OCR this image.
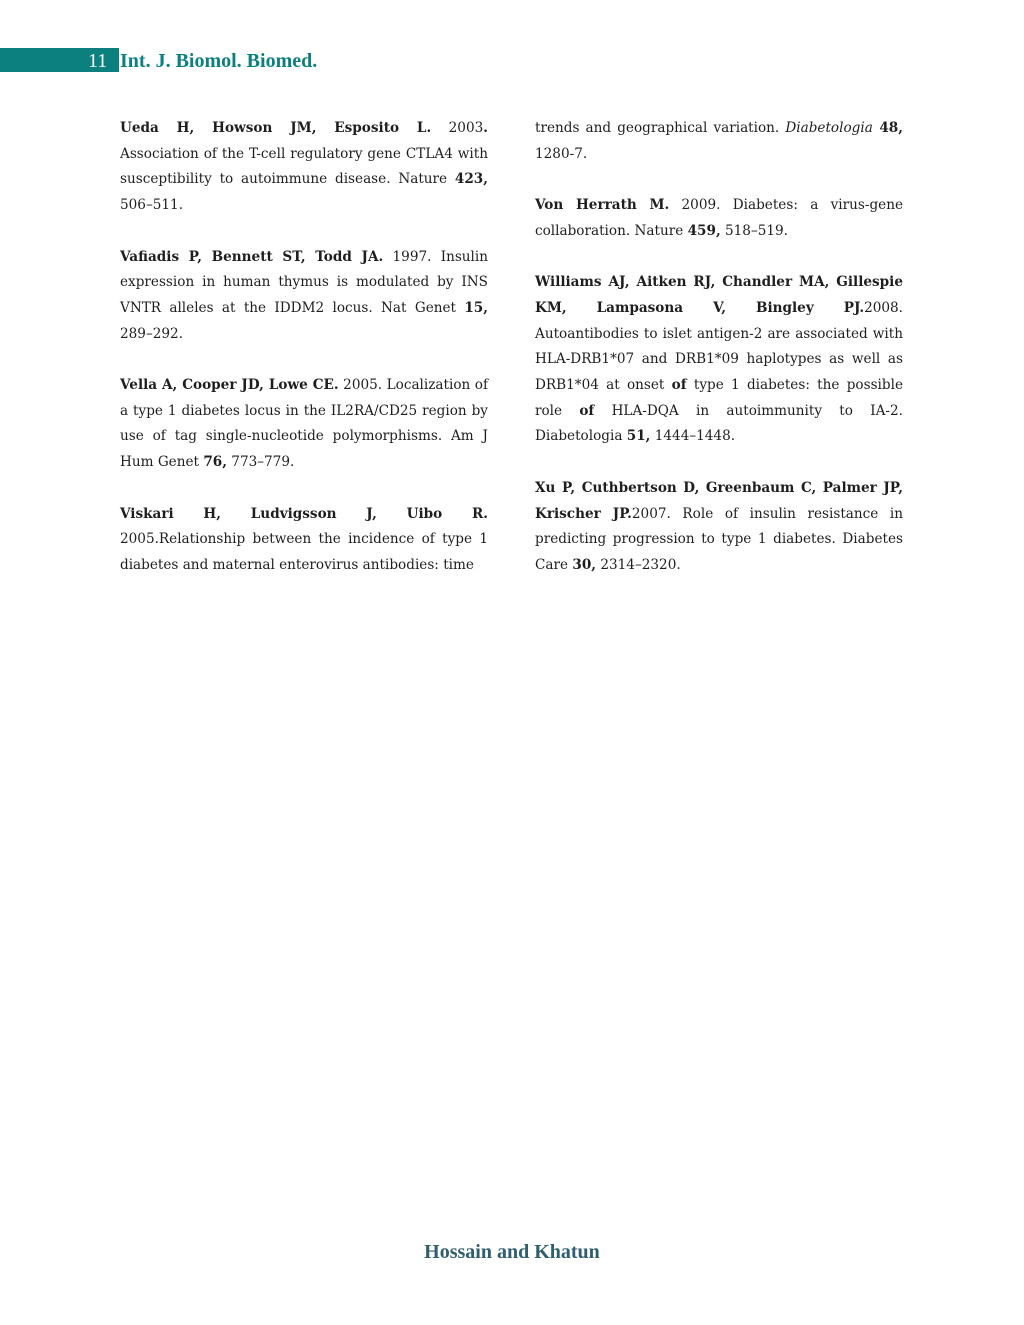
11 Int. J. Biomol. Biomed.

Ueda H, Howson JM, Esposito L. 2003. Association of the T-cell regulatory gene CTLA4 with susceptibility to autoimmune disease. Nature 423, 506–511.

Vafiadis P, Bennett ST, Todd JA. 1997. Insulin expression in human thymus is modulated by INS VNTR alleles at the IDDM2 locus. Nat Genet 15, 289–292.

Vella A, Cooper JD, Lowe CE. 2005. Localization of a type 1 diabetes locus in the IL2RA/CD25 region by use of tag single-nucleotide polymorphisms. Am J Hum Genet 76, 773–779.

Viskari H, Ludvigsson J, Uibo R. 2005.Relationship between the incidence of type 1 diabetes and maternal enterovirus antibodies: time

trends and geographical variation. Diabetologia 48, 1280-7.

Von Herrath M. 2009. Diabetes: a virus-gene collaboration. Nature 459, 518–519.

Williams AJ, Aitken RJ, Chandler MA, Gillespie KM, Lampasona V, Bingley PJ.2008. Autoantibodies to islet antigen-2 are associated with HLA-DRB1*07 and DRB1*09 haplotypes as well as DRB1*04 at onset of type 1 diabetes: the possible role of HLA-DQA in autoimmunity to IA-2. Diabetologia 51, 1444–1448.

Xu P, Cuthbertson D, Greenbaum C, Palmer JP, Krischer JP.2007. Role of insulin resistance in predicting progression to type 1 diabetes. Diabetes Care 30, 2314–2320.

Hossain and Khatun
